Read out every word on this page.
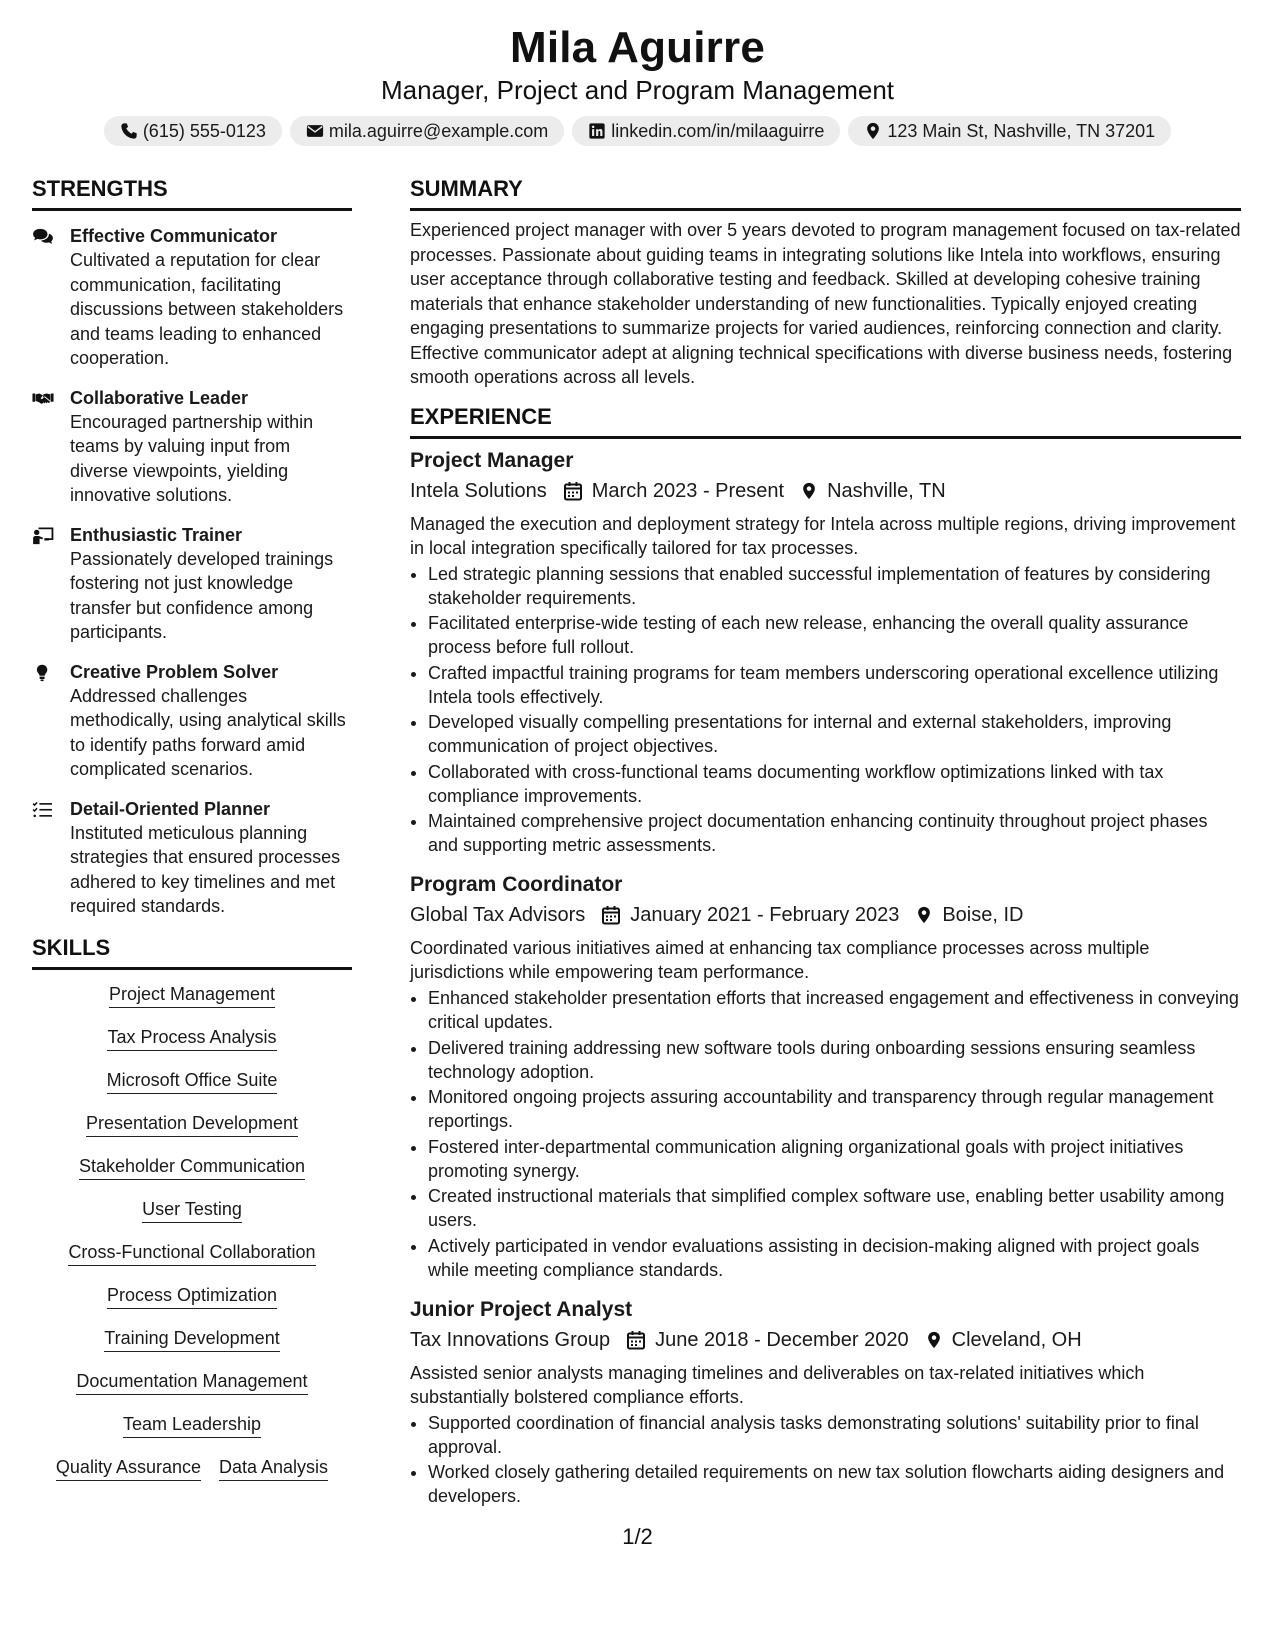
Mila Aguirre
Manager, Project and Program Management
(615) 555-0123	mila.aguirre@example.com	linkedin.com/in/milaaguirre	123 Main St, Nashville, TN 37201
STRENGTHS
Effective Communicator
Cultivated a reputation for clear communication, facilitating discussions between stakeholders and teams leading to enhanced cooperation.
Collaborative Leader
Encouraged partnership within teams by valuing input from diverse viewpoints, yielding innovative solutions.
Enthusiastic Trainer
Passionately developed trainings fostering not just knowledge transfer but confidence among participants.
Creative Problem Solver
Addressed challenges methodically, using analytical skills to identify paths forward amid complicated scenarios.
Detail-Oriented Planner
Instituted meticulous planning strategies that ensured processes adhered to key timelines and met required standards.
SKILLS
Project Management
Tax Process Analysis
Microsoft Office Suite
Presentation Development
Stakeholder Communication
User Testing
Cross-Functional Collaboration
Process Optimization
Training Development
Documentation Management
Team Leadership
Quality Assurance Data Analysis
SUMMARY
Experienced project manager with over 5 years devoted to program management focused on tax-related processes. Passionate about guiding teams in integrating solutions like Intela into workflows, ensuring user acceptance through collaborative testing and feedback. Skilled at developing cohesive training materials that enhance stakeholder understanding of new functionalities. Typically enjoyed creating engaging presentations to summarize projects for varied audiences, reinforcing connection and clarity. Effective communicator adept at aligning technical specifications with diverse business needs, fostering smooth operations across all levels.
EXPERIENCE
Project Manager
Intela Solutions March 2023 - Present Nashville, TN
Managed the execution and deployment strategy for Intela across multiple regions, driving improvement in local integration specifically tailored for tax processes.
• Led strategic planning sessions that enabled successful implementation of features by considering stakeholder requirements.
• Facilitated enterprise-wide testing of each new release, enhancing the overall quality assurance process before full rollout.
• Crafted impactful training programs for team members underscoring operational excellence utilizing Intela tools effectively.
• Developed visually compelling presentations for internal and external stakeholders, improving communication of project objectives.
• Collaborated with cross-functional teams documenting workflow optimizations linked with tax compliance improvements.
• Maintained comprehensive project documentation enhancing continuity throughout project phases and supporting metric assessments.
Program Coordinator
Global Tax Advisors January 2021 - February 2023 Boise, ID
Coordinated various initiatives aimed at enhancing tax compliance processes across multiple jurisdictions while empowering team performance.
• Enhanced stakeholder presentation efforts that increased engagement and effectiveness in conveying critical updates.
• Delivered training addressing new software tools during onboarding sessions ensuring seamless technology adoption.
• Monitored ongoing projects assuring accountability and transparency through regular management reportings.
• Fostered inter-departmental communication aligning organizational goals with project initiatives promoting synergy.
• Created instructional materials that simplified complex software use, enabling better usability among users.
• Actively participated in vendor evaluations assisting in decision-making aligned with project goals while meeting compliance standards.
Junior Project Analyst
Tax Innovations Group June 2018 - December 2020 Cleveland, OH
Assisted senior analysts managing timelines and deliverables on tax-related initiatives which substantially bolstered compliance efforts.
• Supported coordination of financial analysis tasks demonstrating solutions' suitability prior to final approval.
• Worked closely gathering detailed requirements on new tax solution flowcharts aiding designers and developers.
1/2
